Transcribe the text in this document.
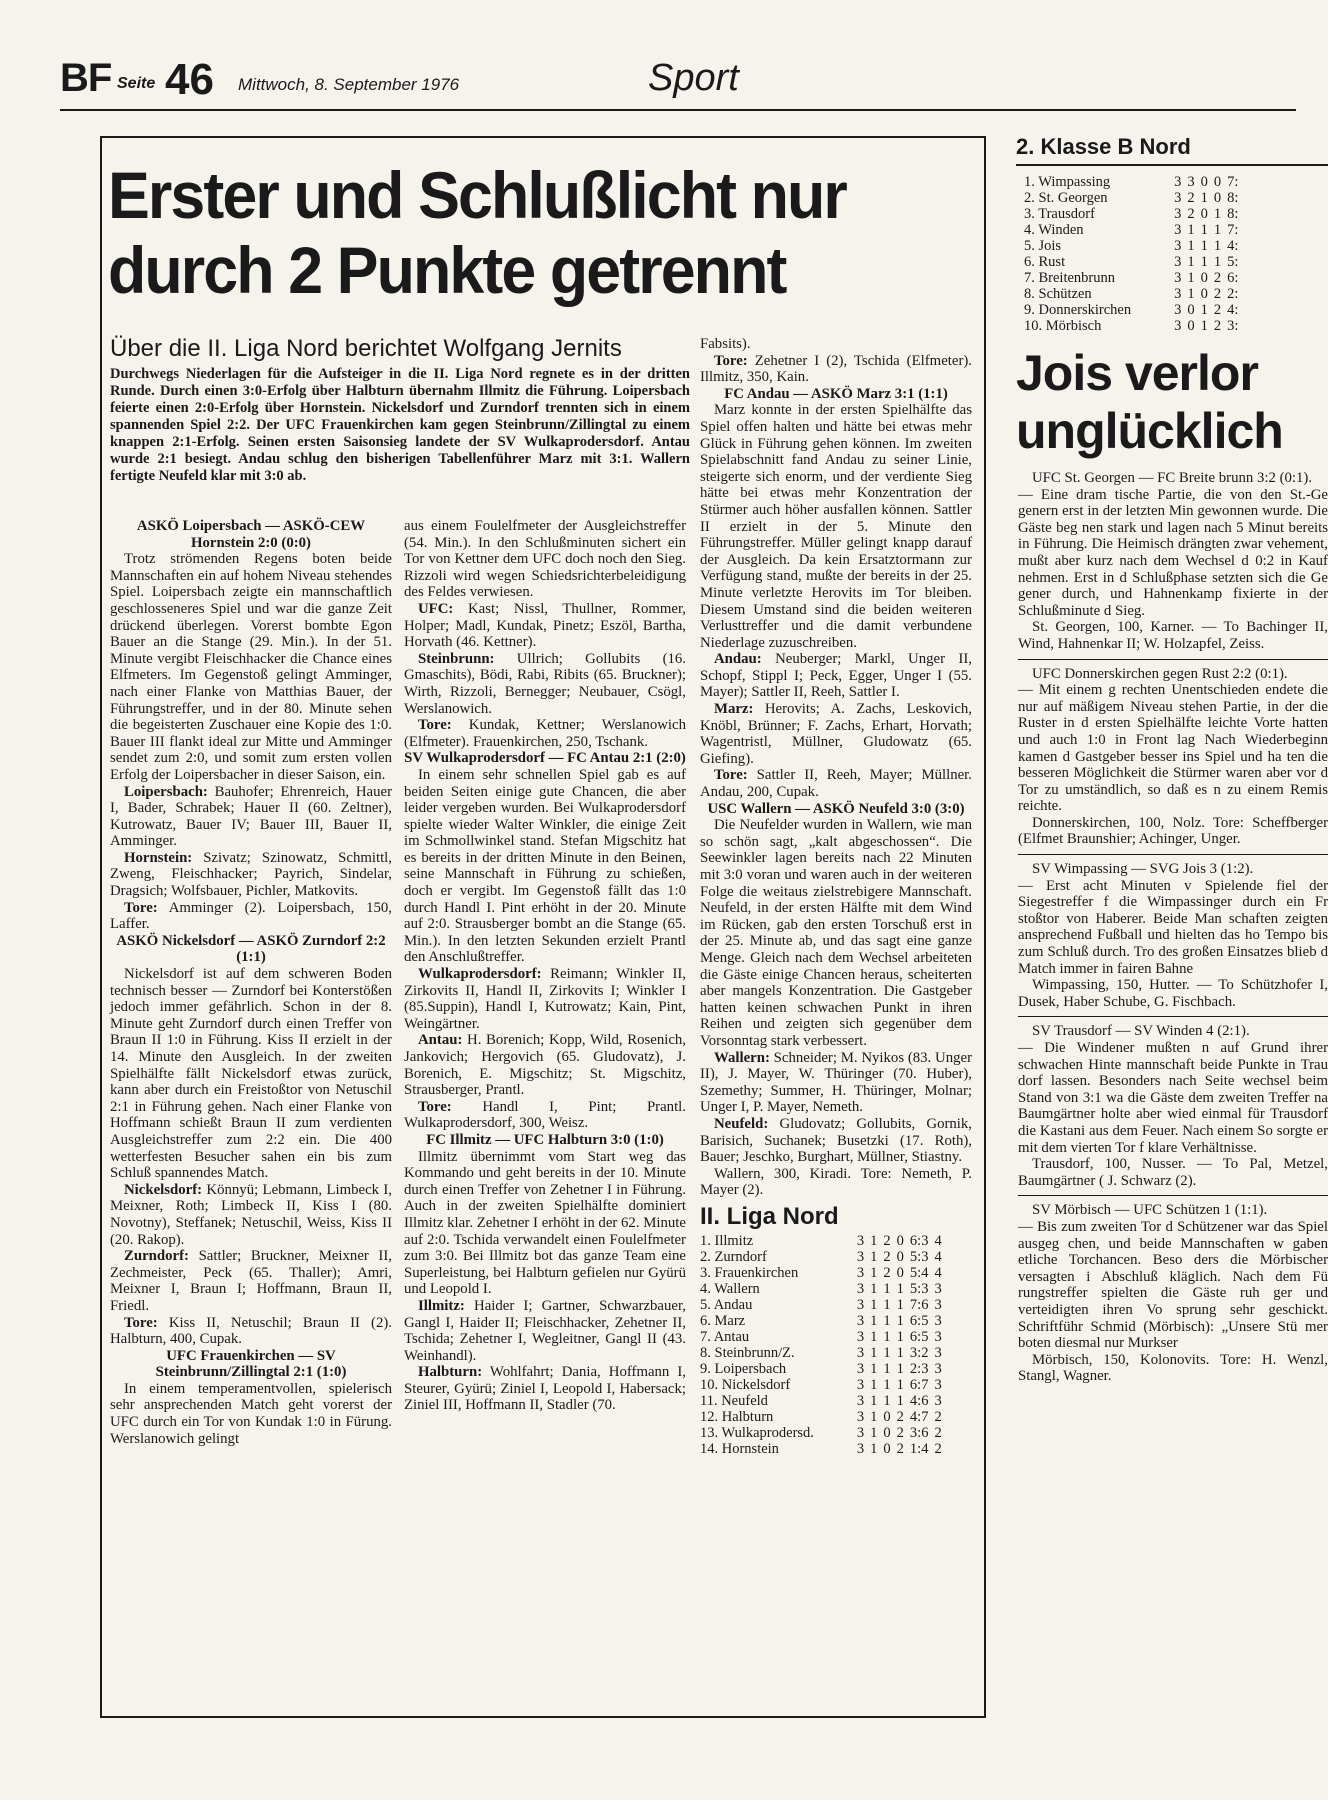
BF Seite 46 Mittwoch, 8. September 1976	Sport
Erster und Schlußlicht nur
durch 2 Punkte getrennt
Über die II. Liga Nord berichtet Wolfgang Jernits
Durchwegs Niederlagen für die Aufsteiger in die II. Liga Nord regnete es in der dritten Runde. Durch einen 3:0-Erfolg über Halbturn übernahm Illmitz die Führung. Loipersbach feierte einen 2:0-Erfolg über Hornstein. Nickelsdorf und Zurndorf trennten sich in einem spannenden Spiel 2:2. Der UFC Frauenkirchen kam gegen Steinbrunn/Zillingtal zu einem knappen 2:1-Erfolg. Seinen ersten Saisonsieg landete der SV Wulkaprodersdorf. Antau wurde 2:1 besiegt. Andau schlug den bisherigen Tabellenführer Marz mit 3:1. Wallern fertigte Neufeld klar mit 3:0 ab.

ASKÖ Loipersbach — ASKÖ-CEW Hornstein 2:0 (0:0)

Trotz strömenden Regens boten beide Mannschaften ein auf hohem Niveau stehendes Spiel. Loipersbach zeigte ein mannschaftlich geschlosseneres Spiel und war die ganze Zeit drückend überlegen. Vorerst bombte Egon Bauer an die Stange (29. Min.). In der 51. Minute vergibt Fleischhacker die Chance eines Elfmeters. Im Gegenstoß gelingt Amminger, nach einer Flanke von Matthias Bauer, der Führungstreffer, und in der 80. Minute sehen die begeisterten Zuschauer eine Kopie des 1:0. Bauer III flankt ideal zur Mitte und Amminger sendet zum 2:0, und somit zum ersten vollen Erfolg der Loipersbacher in dieser Saison, ein.

Loipersbach: Bauhofer; Ehrenreich, Hauer I, Bader, Schrabek; Hauer II (60. Zeltner), Kutrowatz, Bauer IV; Bauer III, Bauer II, Amminger.

Hornstein: Szivatz; Szinowatz, Schmittl, Zweng, Fleischhacker; Payrich, Sindelar, Dragsich; Wolfsbauer, Pichler, Matkovits.

Tore: Amminger (2). Loipersbach, 150, Laffer.

ASKÖ Nickelsdorf — ASKÖ Zurndorf 2:2 (1:1)

Nickelsdorf ist auf dem schweren Boden technisch besser — Zurndorf bei Konterstößen jedoch immer gefährlich. Schon in der 8. Minute geht Zurndorf durch einen Treffer von Braun II 1:0 in Führung. Kiss II erzielt in der 14. Minute den Ausgleich. In der zweiten Spielhälfte fällt Nickelsdorf etwas zurück, kann aber durch ein Freistoßtor von Netuschil 2:1 in Führung gehen. Nach einer Flanke von Hoffmann schießt Braun II zum verdienten Ausgleichstreffer zum 2:2 ein. Die 400 wetterfesten Besucher sahen ein bis zum Schluß spannendes Match.

Nickelsdorf: Könnyü; Lebmann, Limbeck I, Meixner, Roth; Limbeck II, Kiss I (80. Novotny), Steffanek; Netuschil, Weiss, Kiss II (20. Rakop).

Zurndorf: Sattler; Bruckner, Meixner II, Zechmeister, Peck (65. Thaller); Amri, Meixner I, Braun I; Hoffmann, Braun II, Friedl.

Tore: Kiss II, Netuschil; Braun II (2). Halbturn, 400, Cupak.

UFC Frauenkirchen — SV Steinbrunn/Zillingtal 2:1 (1:0)

In einem temperamentvollen, spielerisch sehr ansprechenden Match geht vorerst der UFC durch ein Tor von Kundak 1:0 in Fürung. Werslanowich gelingt

aus einem Foulelfmeter der Ausgleichstreffer (54. Min.). In den Schlußminuten sichert ein Tor von Kettner dem UFC doch noch den Sieg. Rizzoli wird wegen Schiedsrichterbeleidigung des Feldes verwiesen.

UFC: Kast; Nissl, Thullner, Rommer, Holper; Madl, Kundak, Pinetz; Eszöl, Bartha, Horvath (46. Kettner).

Steinbrunn: Ullrich; Gollubits (16. Gmaschits), Bödi, Rabi, Ribits (65. Bruckner); Wirth, Rizzoli, Bernegger; Neubauer, Csögl, Werslanowich.

Tore: Kundak, Kettner; Werslanowich (Elfmeter). Frauenkirchen, 250, Tschank.

SV Wulkaprodersdorf — FC Antau 2:1 (2:0)

In einem sehr schnellen Spiel gab es auf beiden Seiten einige gute Chancen, die aber leider vergeben wurden. Bei Wulkaprodersdorf spielte wieder Walter Winkler, die einige Zeit im Schmollwinkel stand. Stefan Migschitz hat es bereits in der dritten Minute in den Beinen, seine Mannschaft in Führung zu schießen, doch er vergibt. Im Gegenstoß fällt das 1:0 durch Handl I. Pint erhöht in der 20. Minute auf 2:0. Strausberger bombt an die Stange (65. Min.). In den letzten Sekunden erzielt Prantl den Anschlußtreffer.

Wulkaprodersdorf: Reimann; Winkler II, Zirkovits II, Handl II, Zirkovits I; Winkler I (85.Suppin), Handl I, Kutrowatz; Kain, Pint, Weingärtner.

Antau: H. Borenich; Kopp, Wild, Rosenich, Jankovich; Hergovich (65. Gludovatz), J. Borenich, E. Migschitz; St. Migschitz, Strausberger, Prantl.

Tore: Handl I, Pint; Prantl. Wulkaprodersdorf, 300, Weisz.

FC Illmitz — UFC Halbturn 3:0 (1:0)

Illmitz übernimmt vom Start weg das Kommando und geht bereits in der 10. Minute durch einen Treffer von Zehetner I in Führung. Auch in der zweiten Spielhälfte dominiert Illmitz klar. Zehetner I erhöht in der 62. Minute auf 2:0. Tschida verwandelt einen Foulelfmeter zum 3:0. Bei Illmitz bot das ganze Team eine Superleistung, bei Halbturn gefielen nur Gyürü und Leopold I.

Illmitz: Haider I; Gartner, Schwarzbauer, Gangl I, Haider II; Fleischhacker, Zehetner II, Tschida; Zehetner I, Wegleitner, Gangl II (43. Weinhandl).

Halbturn: Wohlfahrt; Dania, Hoffmann I, Steurer, Gyürü; Ziniel I, Leopold I, Habersack; Ziniel III, Hoffmann II, Stadler (70.

Fabsits).

Tore: Zehetner I (2), Tschida (Elfmeter). Illmitz, 350, Kain.

FC Andau — ASKÖ Marz 3:1 (1:1)

Marz konnte in der ersten Spielhälfte das Spiel offen halten und hätte bei etwas mehr Glück in Führung gehen können. Im zweiten Spielabschnitt fand Andau zu seiner Linie, steigerte sich enorm, und der verdiente Sieg hätte bei etwas mehr Konzentration der Stürmer auch höher ausfallen können. Sattler II erzielt in der 5. Minute den Führungstreffer. Müller gelingt knapp darauf der Ausgleich. Da kein Ersatztormann zur Verfügung stand, mußte der bereits in der 25. Minute verletzte Herovits im Tor bleiben. Diesem Umstand sind die beiden weiteren Verlusttreffer und die damit verbundene Niederlage zuzuschreiben.

Andau: Neuberger; Markl, Unger II, Schopf, Stippl I; Peck, Egger, Unger I (55. Mayer); Sattler II, Reeh, Sattler I.

Marz: Herovits; A. Zachs, Leskovich, Knöbl, Brünner; F. Zachs, Erhart, Horvath; Wagentristl, Müllner, Gludowatz (65. Giefing).

Tore: Sattler II, Reeh, Mayer; Müllner. Andau, 200, Cupak.

USC Wallern — ASKÖ Neufeld 3:0 (3:0)

Die Neufelder wurden in Wallern, wie man so schön sagt, „kalt abgeschossen“. Die Seewinkler lagen bereits nach 22 Minuten mit 3:0 voran und waren auch in der weiteren Folge die weitaus zielstrebigere Mannschaft. Neufeld, in der ersten Hälfte mit dem Wind im Rücken, gab den ersten Torschuß erst in der 25. Minute ab, und das sagt eine ganze Menge. Gleich nach dem Wechsel arbeiteten die Gäste einige Chancen heraus, scheiterten aber mangels Konzentration. Die Gastgeber hatten keinen schwachen Punkt in ihren Reihen und zeigten sich gegenüber dem Vorsonntag stark verbessert.

Wallern: Schneider; M. Nyikos (83. Unger II), J. Mayer, W. Thüringer (70. Huber), Szemethy; Summer, H. Thüringer, Molnar; Unger I, P. Mayer, Nemeth.

Neufeld: Gludovatz; Gollubits, Gornik, Barisich, Suchanek; Busetzki (17. Roth), Bauer; Jeschko, Burghart, Müllner, Stiastny.

Wallern, 300, Kiradi. Tore: Nemeth, P. Mayer (2).

II. Liga Nord
1. Illmitz	3	1	2	0	6:3	4
2. Zurndorf	3	1	2	0	5:3	4
3. Frauenkirchen	3	1	2	0	5:4	4
4. Wallern	3	1	1	1	5:3	3
5. Andau	3	1	1	1	7:6	3
6. Marz	3	1	1	1	6:5	3
7. Antau	3	1	1	1	6:5	3
8. Steinbrunn/Z.	3	1	1	1	3:2	3
9. Loipersbach	3	1	1	1	2:3	3
10. Nickelsdorf	3	1	1	1	6:7	3
11. Neufeld	3	1	1	1	4:6	3
12. Halbturn	3	1	0	2	4:7	2
13. Wulkaprodersd.	3	1	0	2	3:6	2
14. Hornstein	3	1	0	2	1:4	2
2. Klasse B Nord
1. Wimpassing	3	3	0	0	7:
2. St. Georgen	3	2	1	0	8:
3. Trausdorf	3	2	0	1	8:
4. Winden	3	1	1	1	7:
5. Jois	3	1	1	1	4:
6. Rust	3	1	1	1	5:
7. Breitenbrunn	3	1	0	2	6:
8. Schützen	3	1	0	2	2:
9. Donnerskirchen	3	0	1	2	4:
10. Mörbisch	3	0	1	2	3:
Jois verlor
unglücklich

UFC St. Georgen — FC Breite brunn 3:2 (0:1).

— Eine dram tische Partie, die von den St.-Ge genern erst in der letzten Min gewonnen wurde. Die Gäste beg nen stark und lagen nach 5 Minut bereits in Führung. Die Heimisch drängten zwar vehement, mußt aber kurz nach dem Wechsel d 0:2 in Kauf nehmen. Erst in d Schlußphase setzten sich die Ge gener durch, und Hahnenkamp fixierte in der Schlußminute d Sieg.

St. Georgen, 100, Karner. — To Bachinger II, Wind, Hahnenkar II; W. Holzapfel, Zeiss.

UFC Donnerskirchen gegen Rust 2:2 (0:1).

— Mit einem g rechten Unentschieden endete die nur auf mäßigem Niveau stehen Partie, in der die Ruster in d ersten Spielhälfte leichte Vorte hatten und auch 1:0 in Front lag Nach Wiederbeginn kamen d Gastgeber besser ins Spiel und ha ten die besseren Möglichkeit die Stürmer waren aber vor d Tor zu umständlich, so daß es n zu einem Remis reichte.

Donnerskirchen, 100, Nolz. Tore: Scheffberger (Elfmet Braunshier; Achinger, Unger.

SV Wimpassing — SVG Jois 3 (1:2).

— Erst acht Minuten v Spielende fiel der Siegestreffer f die Wimpassinger durch ein Fr stoßtor von Haberer. Beide Man schaften zeigten ansprechend Fußball und hielten das ho Tempo bis zum Schluß durch. Tro des großen Einsatzes blieb d Match immer in fairen Bahne

Wimpassing, 150, Hutter. — To Schützhofer I, Dusek, Haber Schube, G. Fischbach.

SV Trausdorf — SV Winden 4 (2:1).

— Die Windener mußten n auf Grund ihrer schwachen Hinte mannschaft beide Punkte in Trau dorf lassen. Besonders nach Seite wechsel beim Stand von 3:1 wa die Gäste dem zweiten Treffer na Baumgärtner holte aber wied einmal für Trausdorf die Kastani aus dem Feuer. Nach einem So sorgte er mit dem vierten Tor f klare Verhältnisse.

Trausdorf, 100, Nusser. — To Pal, Metzel, Baumgärtner ( J. Schwarz (2).

SV Mörbisch — UFC Schützen 1 (1:1).

— Bis zum zweiten Tor d Schützener war das Spiel ausgeg chen, und beide Mannschaften w gaben etliche Torchancen. Beso ders die Mörbischer versagten i Abschluß kläglich. Nach dem Fü rungstreffer spielten die Gäste ruh ger und verteidigten ihren Vo sprung sehr geschickt. Schriftführ Schmid (Mörbisch): „Unsere Stü mer boten diesmal nur Murkser

Mörbisch, 150, Kolonovits. Tore: H. Wenzl, Stangl, Wagner.
